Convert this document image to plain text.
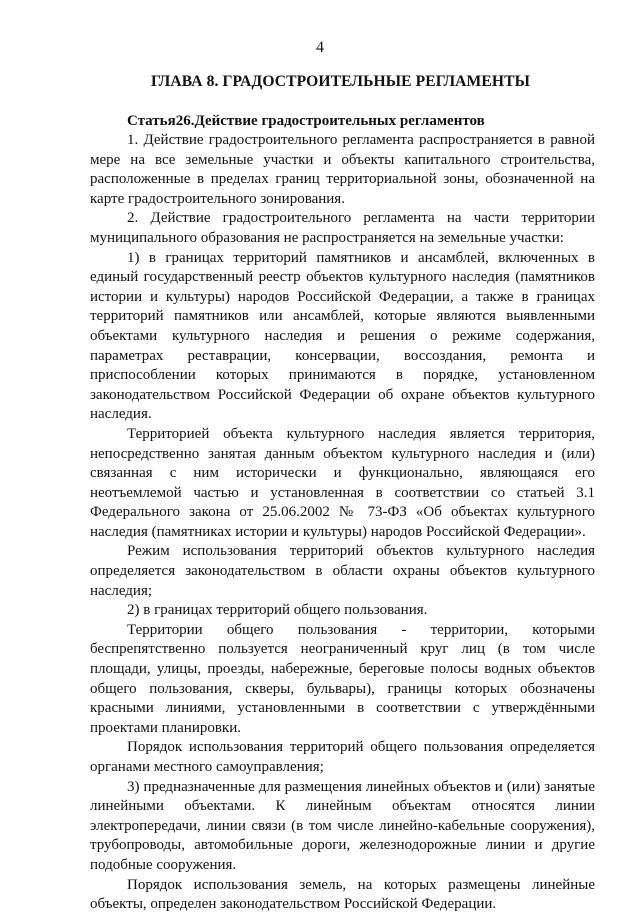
4
ГЛАВА 8. ГРАДОСТРОИТЕЛЬНЫЕ РЕГЛАМЕНТЫ
Статья26.Действие градостроительных регламентов

1. Действие градостроительного регламента распространяется в равной мере на все земельные участки и объекты капитального строительства, расположенные в пределах границ территориальной зоны, обозначенной на карте градостроительного зонирования.

2. Действие градостроительного регламента на части территории муниципального образования не распространяется на земельные участки:

1) в границах территорий памятников и ансамблей, включенных в единый государственный реестр объектов культурного наследия (памятников истории и культуры) народов Российской Федерации, а также в границах территорий памятников или ансамблей, которые являются выявленными объектами культурного наследия и решения о режиме содержания, параметрах реставрации, консервации, воссоздания, ремонта и приспособлении которых принимаются в порядке, установленном законодательством Российской Федерации об охране объектов культурного наследия.

Территорией объекта культурного наследия является территория, непосредственно занятая данным объектом культурного наследия и (или) связанная с ним исторически и функционально, являющаяся его неотъемлемой частью и установленная в соответствии со статьей 3.1 Федерального закона от 25.06.2002 № 73-ФЗ «Об объектах культурного наследия (памятниках истории и культуры) народов Российской Федерации».

Режим использования территорий объектов культурного наследия определяется законодательством в области охраны объектов культурного наследия;

2) в границах территорий общего пользования.

Территории общего пользования - территории, которыми беспрепятственно пользуется неограниченный круг лиц (в том числе площади, улицы, проезды, набережные, береговые полосы водных объектов общего пользования, скверы, бульвары), границы которых обозначены красными линиями, установленными в соответствии с утверждёнными проектами планировки.

Порядок использования территорий общего пользования определяется органами местного самоуправления;

3) предназначенные для размещения линейных объектов и (или) занятые линейными объектами. К линейным объектам относятся линии электропередачи, линии связи (в том числе линейно-кабельные сооружения), трубопроводы, автомобильные дороги, железнодорожные линии и другие подобные сооружения.

Порядок использования земель, на которых размещены линейные объекты, определен законодательством Российской Федерации.
